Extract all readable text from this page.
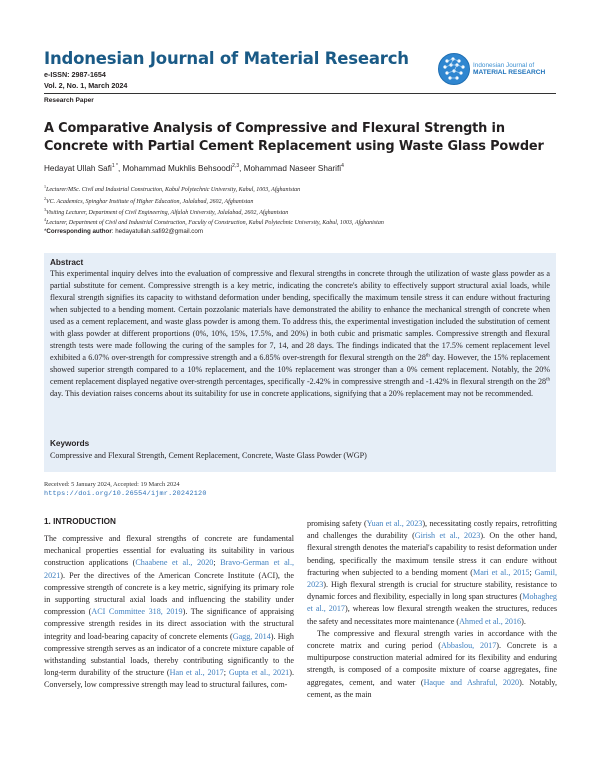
Indonesian Journal of Material Research
e-ISSN: 2987-1654
Vol. 2, No. 1, March 2024
Indonesian Journal of
MATERIAL RESEARCH
Research Paper
A Comparative Analysis of Compressive and Flexural Strength in Concrete with Partial Cement Replacement using Waste Glass Powder
Hedayat Ullah Safi$^{1 *}$, Mohammad Mukhlis Behsoodi$^{2,3}$, Mohammad Naseer Sharifi$^4$
$^1$Lecturer/MSc. Civil and Industrial Construction, Kabul Polytechnic University, Kabul, 1003, Afghanistan
$^2$VC. Academics, Spinghar Institute of Higher Education, Jalalabad, 2602, Afghanistan
$^3$Visiting Lecturer, Department of Civil Engineering, Alfalah University, Jalalabad, 2602, Afghanistan
$^4$Lecturer, Department of Civil and Industrial Construction, Faculty of Construction, Kabul Polytechnic University, Kabul, 1003, Afghanistan
*Corresponding author: hedayatullah.safi92@gmail.com
Abstract
This experimental inquiry delves into the evaluation of compressive and flexural strengths in concrete through the utilization of waste glass powder as a partial substitute for cement. Compressive strength is a key metric, indicating the concrete's ability to effectively support structural axial loads, while flexural strength signifies its capacity to withstand deformation under bending, specifically the maximum tensile stress it can endure without fracturing when subjected to a bending moment. Certain pozzolanic materials have demonstrated the ability to enhance the mechanical strength of concrete when used as a cement replacement, and waste glass powder is among them. To address this, the experimental investigation included the substitution of cement with glass powder at different proportions (0%, 10%, 15%, 17.5%, and 20%) in both cubic and prismatic samples. Compressive strength and flexural strength tests were made following the curing of the samples for 7, 14, and 28 days. The findings indicated that the 17.5% cement replacement level exhibited a 6.07% over-strength for compressive strength and a 6.85% over-strength for flexural strength on the 28th day. However, the 15% replacement showed superior strength compared to a 10% replacement, and the 10% replacement was stronger than a 0% cement replacement. Notably, the 20% cement replacement displayed negative over-strength percentages, specifically -2.42% in compressive strength and -1.42% in flexural strength on the 28th day. This deviation raises concerns about its suitability for use in concrete applications, signifying that a 20% replacement may not be recommended.
Keywords
Compressive and Flexural Strength, Cement Replacement, Concrete, Waste Glass Powder (WGP)
Received: 5 January 2024, Accepted: 19 March 2024
https://doi.org/10.26554/ijmr.20242120
1. INTRODUCTION
The compressive and flexural strengths of concrete are fundamental mechanical properties essential for evaluating its suitability in various construction applications (Chaabene et al., 2020; Bravo-German et al., 2021). Per the directives of the American Concrete Institute (ACI), the compressive strength of concrete is a key metric, signifying its primary role in supporting structural axial loads and influencing the stability under compression (ACI Committee 318, 2019). The significance of appraising compressive strength resides in its direct association with the structural integrity and load-bearing capacity of concrete elements (Gagg, 2014). High compressive strength serves as an indicator of a concrete mixture capable of withstanding substantial loads, thereby contributing significantly to the long-term durability of the structure (Han et al., 2017; Gupta et al., 2021). Conversely, low compressive strength may lead to structural failures, com-
promising safety (Yuan et al., 2023), necessitating costly repairs, retrofitting and challenges the durability (Girish et al., 2023). On the other hand, flexural strength denotes the material's capability to resist deformation under bending, specifically the maximum tensile stress it can endure without fracturing when subjected to a bending moment (Mari et al., 2015; Gamil, 2023). High flexural strength is crucial for structure stability, resistance to dynamic forces and flexibility, especially in long span structures (Mohagheg et al., 2017), whereas low flexural strength weaken the structures, reduces the safety and necessitates more maintenance (Ahmed et al., 2016).
The compressive and flexural strength varies in accordance with the concrete matrix and curing period (Abbaslou, 2017). Concrete is a multipurpose construction material admired for its flexibility and enduring strength, is composed of a composite mixture of coarse aggregates, fine aggregates, cement, and water (Haque and Ashraful, 2020). Notably, cement, as the main
